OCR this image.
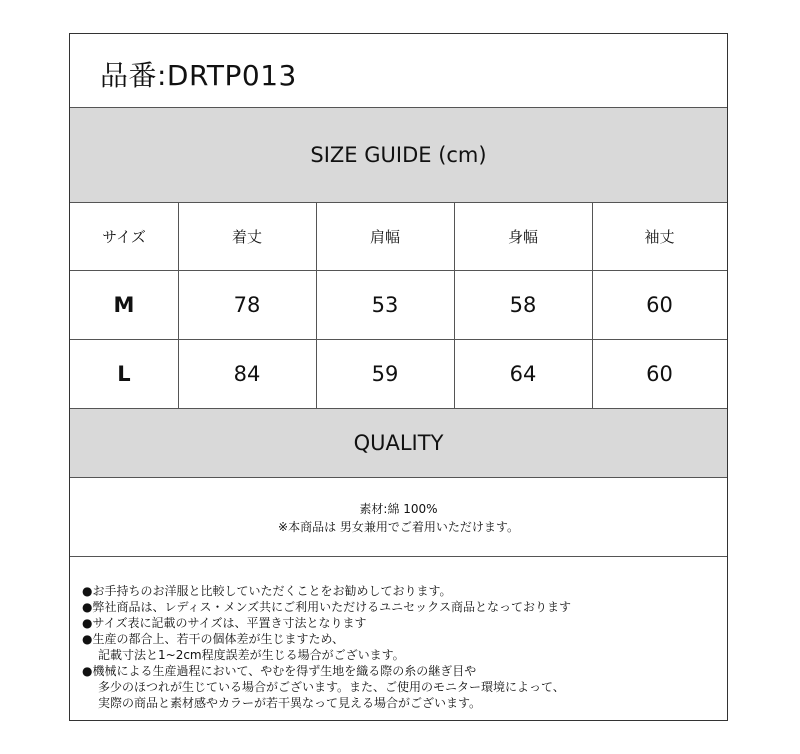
品番:DRTP013
SIZE GUIDE (cm)
サイズ	着丈	肩幅	身幅	袖丈
M	78	53	58	60
L	84	59	64	60
QUALITY
素材:綿 100%
※本商品は 男女兼用でご着用いただけます。
●お手持ちのお洋服と比較していただくことをお勧めしております。
●弊社商品は、レディス・メンズ共にご利用いただけるユニセックス商品となっております
●サイズ表に記載のサイズは、平置き寸法となります
●生産の都合上、若干の個体差が生じますため、
記載寸法と1~2cm程度誤差が生じる場合がございます。
●機械による生産過程において、やむを得ず生地を織る際の糸の継ぎ目や
多少のほつれが生じている場合がございます。また、ご使用のモニター環境によって、
実際の商品と素材感やカラーが若干異なって見える場合がございます。
